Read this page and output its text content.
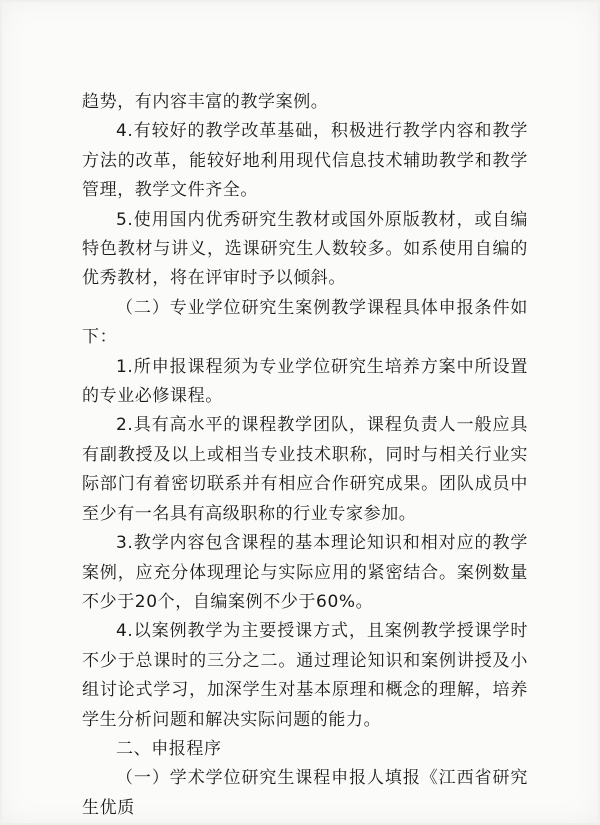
趋势，有内容丰富的教学案例。

4.有较好的教学改革基础，积极进行教学内容和教学方法的改革，能较好地利用现代信息技术辅助教学和教学管理，教学文件齐全。

5.使用国内优秀研究生教材或国外原版教材，或自编特色教材与讲义，选课研究生人数较多。如系使用自编的优秀教材，将在评审时予以倾斜。

（二）专业学位研究生案例教学课程具体申报条件如下：

1.所申报课程须为专业学位研究生培养方案中所设置的专业必修课程。

2.具有高水平的课程教学团队，课程负责人一般应具有副教授及以上或相当专业技术职称，同时与相关行业实际部门有着密切联系并有相应合作研究成果。团队成员中至少有一名具有高级职称的行业专家参加。

3.教学内容包含课程的基本理论知识和相对应的教学案例，应充分体现理论与实际应用的紧密结合。案例数量不少于20个，自编案例不少于60%。

4.以案例教学为主要授课方式，且案例教学授课学时不少于总课时的三分之二。通过理论知识和案例讲授及小组讨论式学习，加深学生对基本原理和概念的理解，培养学生分析问题和解决实际问题的能力。

二、申报程序

（一）学术学位研究生课程申报人填报《江西省研究生优质
